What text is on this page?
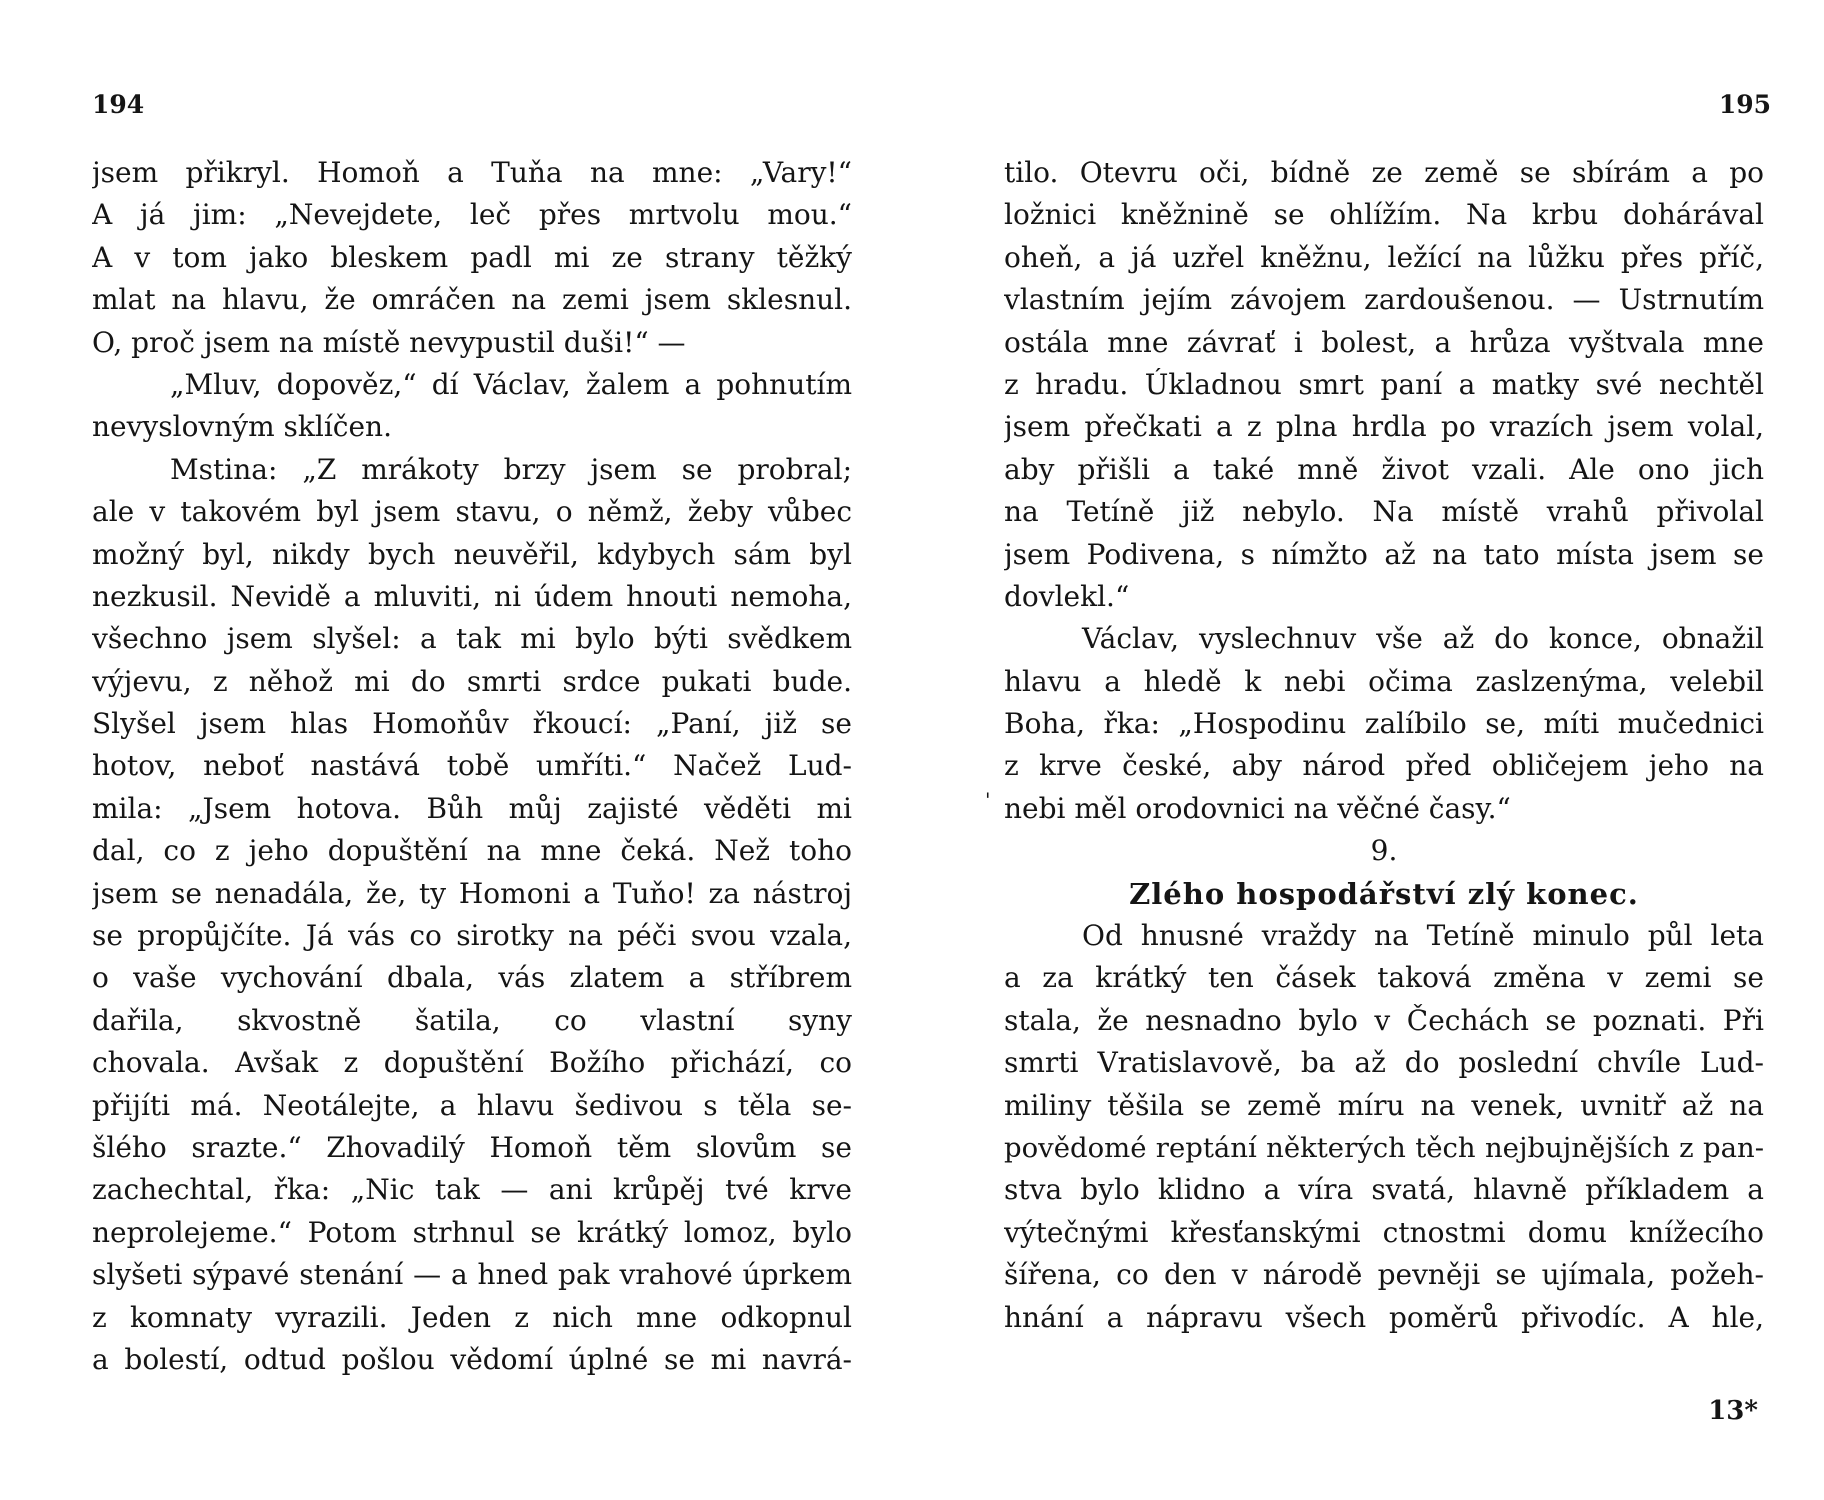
194
jsem přikryl. Homoň a Tuňa na mne: „Vary!“
A já jim: „Nevejdete, leč přes mrtvolu mou.“
A v tom jako bleskem padl mi ze strany těžký
mlat na hlavu, že omráčen na zemi jsem sklesnul.
O, proč jsem na místě nevypustil duši!“ —
„Mluv, dopověz,“ dí Václav, žalem a pohnutím
nevyslovným sklíčen.
Mstina: „Z mrákoty brzy jsem se probral;
ale v takovém byl jsem stavu, o němž, žeby vůbec
možný byl, nikdy bych neuvěřil, kdybych sám byl
nezkusil. Nevidě a mluviti, ni údem hnouti nemoha,
všechno jsem slyšel: a tak mi bylo býti svědkem
výjevu, z něhož mi do smrti srdce pukati bude.
Slyšel jsem hlas Homoňův řkoucí: „Paní, již se
hotov, neboť nastává tobě umříti.“ Načež Lud-
mila: „Jsem hotova. Bůh můj zajisté věděti mi
dal, co z jeho dopuštění na mne čeká. Než toho
jsem se nenadála, že, ty Homoni a Tuňo! za nástroj
se propůjčíte. Já vás co sirotky na péči svou vzala,
o vaše vychování dbala, vás zlatem a stříbrem
dařila, skvostně šatila, co vlastní syny
chovala. Avšak z dopuštění Božího přichází, co
přijíti má. Neotálejte, a hlavu šedivou s těla se-
šlého srazte.“ Zhovadilý Homoň těm slovům se
zachechtal, řka: „Nic tak — ani krůpěj tvé krve
neprolejeme.“ Potom strhnul se krátký lomoz, bylo
slyšeti sýpavé stenání — a hned pak vrahové úprkem
z komnaty vyrazili. Jeden z nich mne odkopnul
a bolestí, odtud pošlou vědomí úplné se mi navrá-
195
tilo. Otevru oči, bídně ze země se sbírám a po
ložnici kněžnině se ohlížím. Na krbu dohárával
oheň, a já uzřel kněžnu, ležící na lůžku přes příč,
vlastním jejím závojem zardoušenou. — Ustrnutím
ostála mne závrať i bolest, a hrůza vyštvala mne
z hradu. Úkladnou smrt paní a matky své nechtěl
jsem přečkati a z plna hrdla po vrazích jsem volal,
aby přišli a také mně život vzali. Ale ono jich
na Tetíně již nebylo. Na místě vrahů přivolal
jsem Podivena, s nímžto až na tato místa jsem se
dovlekl.“
Václav, vyslechnuv vše až do konce, obnažil
hlavu a hledě k nebi očima zaslzenýma, velebil
Boha, řka: „Hospodinu zalíbilo se, míti mučednici
z krve české, aby národ před obličejem jeho na
nebi měl orodovnici na věčné časy.“
9.
Zlého hospodářství zlý konec.
Od hnusné vraždy na Tetíně minulo půl leta
a za krátký ten čásek taková změna v zemi se
stala, že nesnadno bylo v Čechách se poznati. Při
smrti Vratislavově, ba až do poslední chvíle Lud-
miliny těšila se země míru na venek, uvnitř až na
povědomé reptání některých těch nejbujnějších z pan-
stva bylo klidno a víra svatá, hlavně příkladem a
výtečnými křesťanskými ctnostmi domu knížecího
šířena, co den v národě pevněji se ujímala, požeh-
hnání a nápravu všech poměrů přivodíc. A hle,
13*
'
